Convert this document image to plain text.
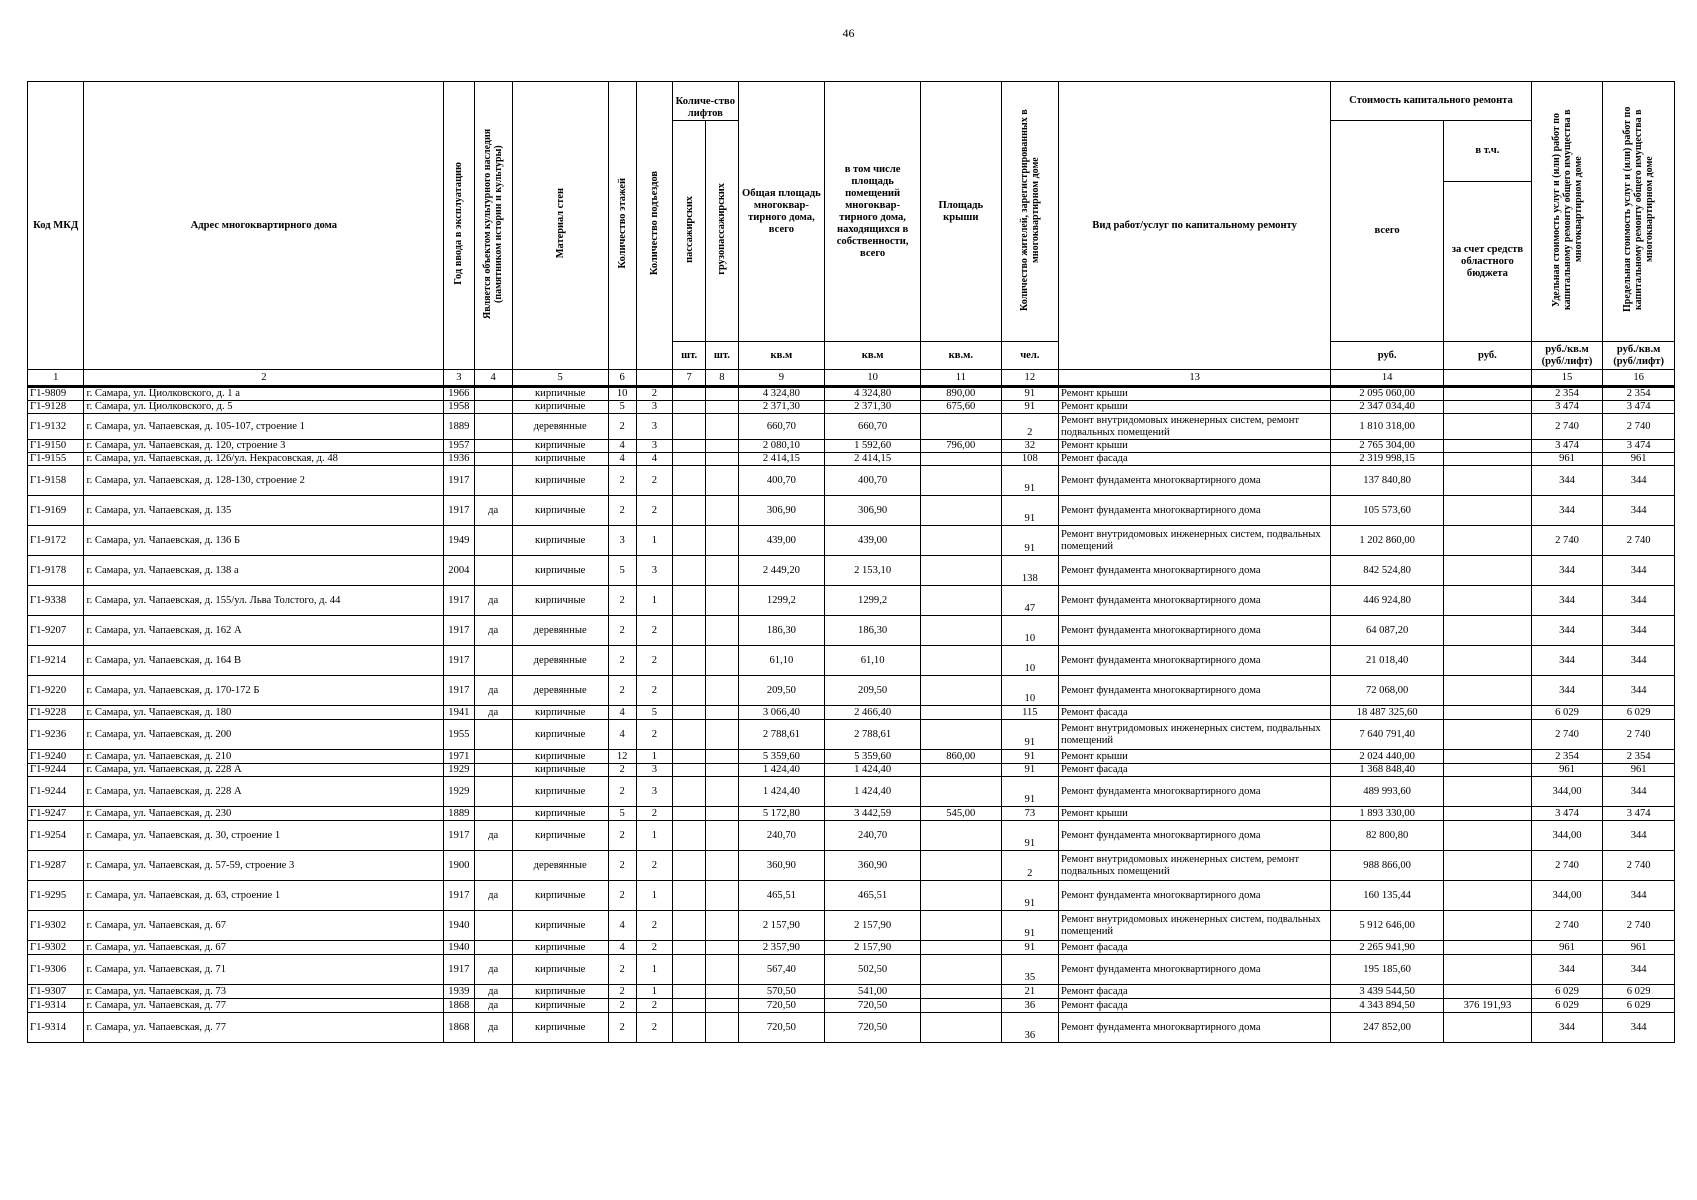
46
Код МКД	Адрес многоквартирного дома	Год ввода в эксплуатацию	Является объектом культурного наследия (памятником истории и культуры)	Материал стен	Количество этажей	Количество подъездов	Количе-ство лифтов		Общая площадь многоквар-тирного дома, всего	в том числе площадь помещений многоквар-тирного дома, находящихся в собственности, всего	Площадь крыши	Количество жителей, зарегистрированных в многоквартирном доме	Вид работ/услуг по капитальному ремонту	Стоимость капитального ремонта		Удельная стоимость услуг и (или) работ по капитальному ремонту общего имущества в многоквартирном доме	Предельная стоимость услуг и (или) работ по капитальному ремонту общего имущества в многоквартирном доме
							пассажирских	грузопассажирских						всего	в т.ч.		
															за счет средств областного бюджета		
							шт.	шт.	кв.м	кв.м	кв.м.	чел.		руб.	руб.	руб./кв.м (руб/лифт)	руб./кв.м (руб/лифт)
1	2	3	4	5	6		7	8	9	10	11	12	13	14		15	16
Г1-9809	г. Самара, ул. Циолковского, д. 1 а	1966		кирпичные	10	2			4 324,80	4 324,80	890,00	91	Ремонт крыши	2 095 060,00		2 354	2 354
Г1-9128	г. Самара, ул. Циолковского, д. 5	1958		кирпичные	5	3			2 371,30	2 371,30	675,60	91	Ремонт крыши	2 347 034,40		3 474	3 474
Г1-9132	г. Самара, ул. Чапаевская, д. 105-107, строение 1	1889		деревянные	2	3			660,70	660,70		2	Ремонт внутридомовых инженерных систем, ремонт подвальных помещений	1 810 318,00		2 740	2 740
Г1-9150	г. Самара, ул. Чапаевская, д. 120, строение 3	1957		кирпичные	4	3			2 080,10	1 592,60	796,00	32	Ремонт крыши	2 765 304,00		3 474	3 474
Г1-9155	г. Самара, ул. Чапаевская, д. 126/ул. Некрасовская, д. 48	1936		кирпичные	4	4			2 414,15	2 414,15		108	Ремонт фасада	2 319 998,15		961	961
Г1-9158	г. Самара, ул. Чапаевская, д. 128-130, строение 2	1917		кирпичные	2	2			400,70	400,70		91	Ремонт фундамента многоквартирного дома	137 840,80		344	344
Г1-9169	г. Самара, ул. Чапаевская, д. 135	1917	да	кирпичные	2	2			306,90	306,90		91	Ремонт фундамента многоквартирного дома	105 573,60		344	344
Г1-9172	г. Самара, ул. Чапаевская, д. 136 Б	1949		кирпичные	3	1			439,00	439,00		91	Ремонт внутридомовых инженерных систем, подвальных помещений	1 202 860,00		2 740	2 740
Г1-9178	г. Самара, ул. Чапаевская, д. 138 а	2004		кирпичные	5	3			2 449,20	2 153,10		138	Ремонт фундамента многоквартирного дома	842 524,80		344	344
Г1-9338	г. Самара, ул. Чапаевская, д. 155/ул. Льва Толстого, д. 44	1917	да	кирпичные	2	1			1299,2	1299,2		47	Ремонт фундамента многоквартирного дома	446 924,80		344	344
Г1-9207	г. Самара, ул. Чапаевская, д. 162 А	1917	да	деревянные	2	2			186,30	186,30		10	Ремонт фундамента многоквартирного дома	64 087,20		344	344
Г1-9214	г. Самара, ул. Чапаевская, д. 164 В	1917		деревянные	2	2			61,10	61,10		10	Ремонт фундамента многоквартирного дома	21 018,40		344	344
Г1-9220	г. Самара, ул. Чапаевская, д. 170-172 Б	1917	да	деревянные	2	2			209,50	209,50		10	Ремонт фундамента многоквартирного дома	72 068,00		344	344
Г1-9228	г. Самара, ул. Чапаевская, д. 180	1941	да	кирпичные	4	5			3 066,40	2 466,40		115	Ремонт фасада	18 487 325,60		6 029	6 029
Г1-9236	г. Самара, ул. Чапаевская, д. 200	1955		кирпичные	4	2			2 788,61	2 788,61		91	Ремонт внутридомовых инженерных систем, подвальных помещений	7 640 791,40		2 740	2 740
Г1-9240	г. Самара, ул. Чапаевская, д. 210	1971		кирпичные	12	1			5 359,60	5 359,60	860,00	91	Ремонт крыши	2 024 440,00		2 354	2 354
Г1-9244	г. Самара, ул. Чапаевская, д. 228 А	1929		кирпичные	2	3			1 424,40	1 424,40		91	Ремонт фасада	1 368 848,40		961	961
Г1-9244	г. Самара, ул. Чапаевская, д. 228 А	1929		кирпичные	2	3			1 424,40	1 424,40		91	Ремонт фундамента многоквартирного дома	489 993,60		344,00	344
Г1-9247	г. Самара, ул. Чапаевская, д. 230	1889		кирпичные	5	2			5 172,80	3 442,59	545,00	73	Ремонт крыши	1 893 330,00		3 474	3 474
Г1-9254	г. Самара, ул. Чапаевская, д. 30, строение 1	1917	да	кирпичные	2	1			240,70	240,70		91	Ремонт фундамента многоквартирного дома	82 800,80		344,00	344
Г1-9287	г. Самара, ул. Чапаевская, д. 57-59, строение 3	1900		деревянные	2	2			360,90	360,90		2	Ремонт внутридомовых инженерных систем, ремонт подвальных помещений	988 866,00		2 740	2 740
Г1-9295	г. Самара, ул. Чапаевская, д. 63, строение 1	1917	да	кирпичные	2	1			465,51	465,51		91	Ремонт фундамента многоквартирного дома	160 135,44		344,00	344
Г1-9302	г. Самара, ул. Чапаевская, д. 67	1940		кирпичные	4	2			2 157,90	2 157,90		91	Ремонт внутридомовых инженерных систем, подвальных помещений	5 912 646,00		2 740	2 740
Г1-9302	г. Самара, ул. Чапаевская, д. 67	1940		кирпичные	4	2			2 357,90	2 157,90		91	Ремонт фасада	2 265 941,90		961	961
Г1-9306	г. Самара, ул. Чапаевская, д. 71	1917	да	кирпичные	2	1			567,40	502,50		35	Ремонт фундамента многоквартирного дома	195 185,60		344	344
Г1-9307	г. Самара, ул. Чапаевская, д. 73	1939	да	кирпичные	2	1			570,50	541,00		21	Ремонт фасада	3 439 544,50		6 029	6 029
Г1-9314	г. Самара, ул. Чапаевская, д. 77	1868	да	кирпичные	2	2			720,50	720,50		36	Ремонт фасада	4 343 894,50	376 191,93	6 029	6 029
Г1-9314	г. Самара, ул. Чапаевская, д. 77	1868	да	кирпичные	2	2			720,50	720,50		36	Ремонт фундамента многоквартирного дома	247 852,00		344	344
